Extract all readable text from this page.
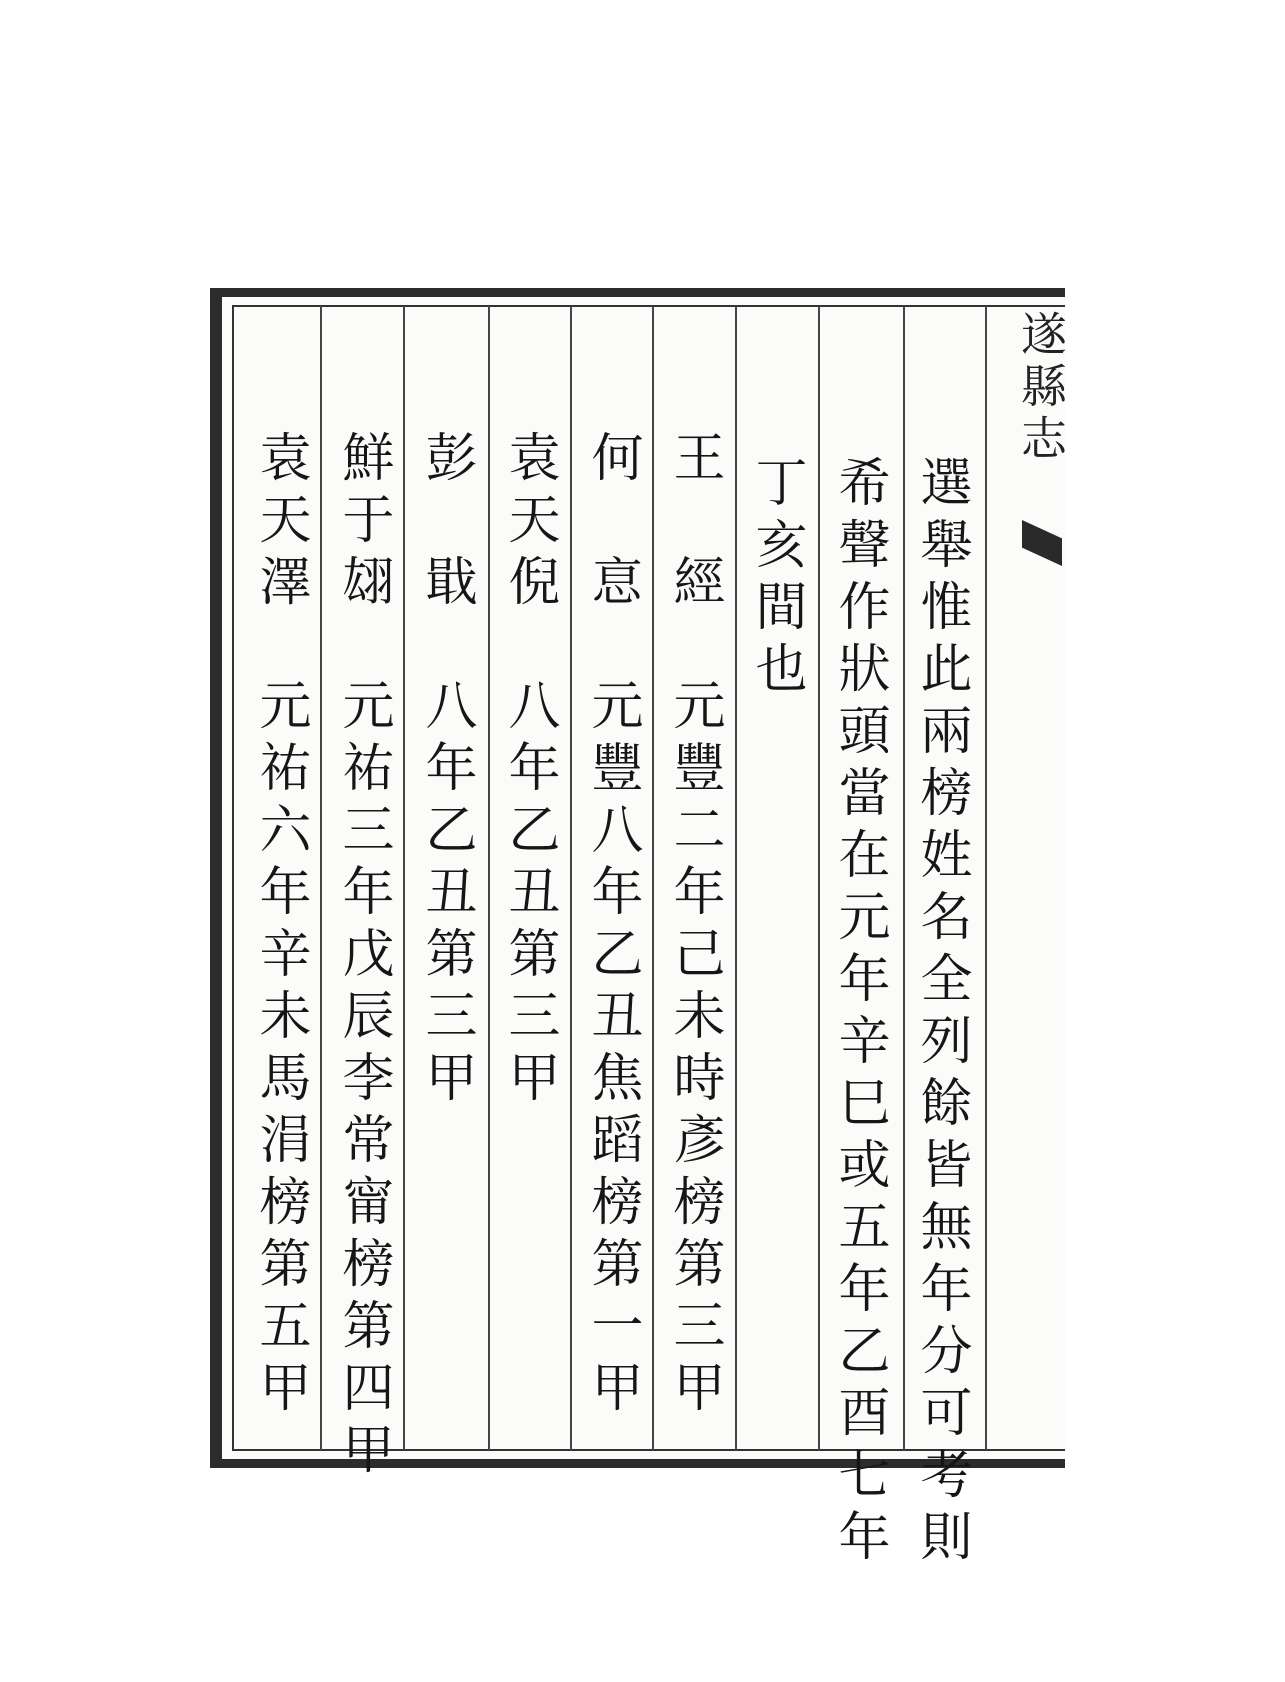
遂縣志
選舉惟此兩榜姓名全列餘皆無年分可考則
希聲作狀頭當在元年辛巳或五年乙酉七年
丁亥間也
王　經　元豐二年己未時彥榜第三甲
何　恴　元豐八年乙丑焦蹈榜第一甲
袁天倪　八年乙丑第三甲
彭　戢　八年乙丑第三甲
鮮于翃　元祐三年戊辰李常甯榜第四甲
袁天澤　元祐六年辛未馬涓榜第五甲
